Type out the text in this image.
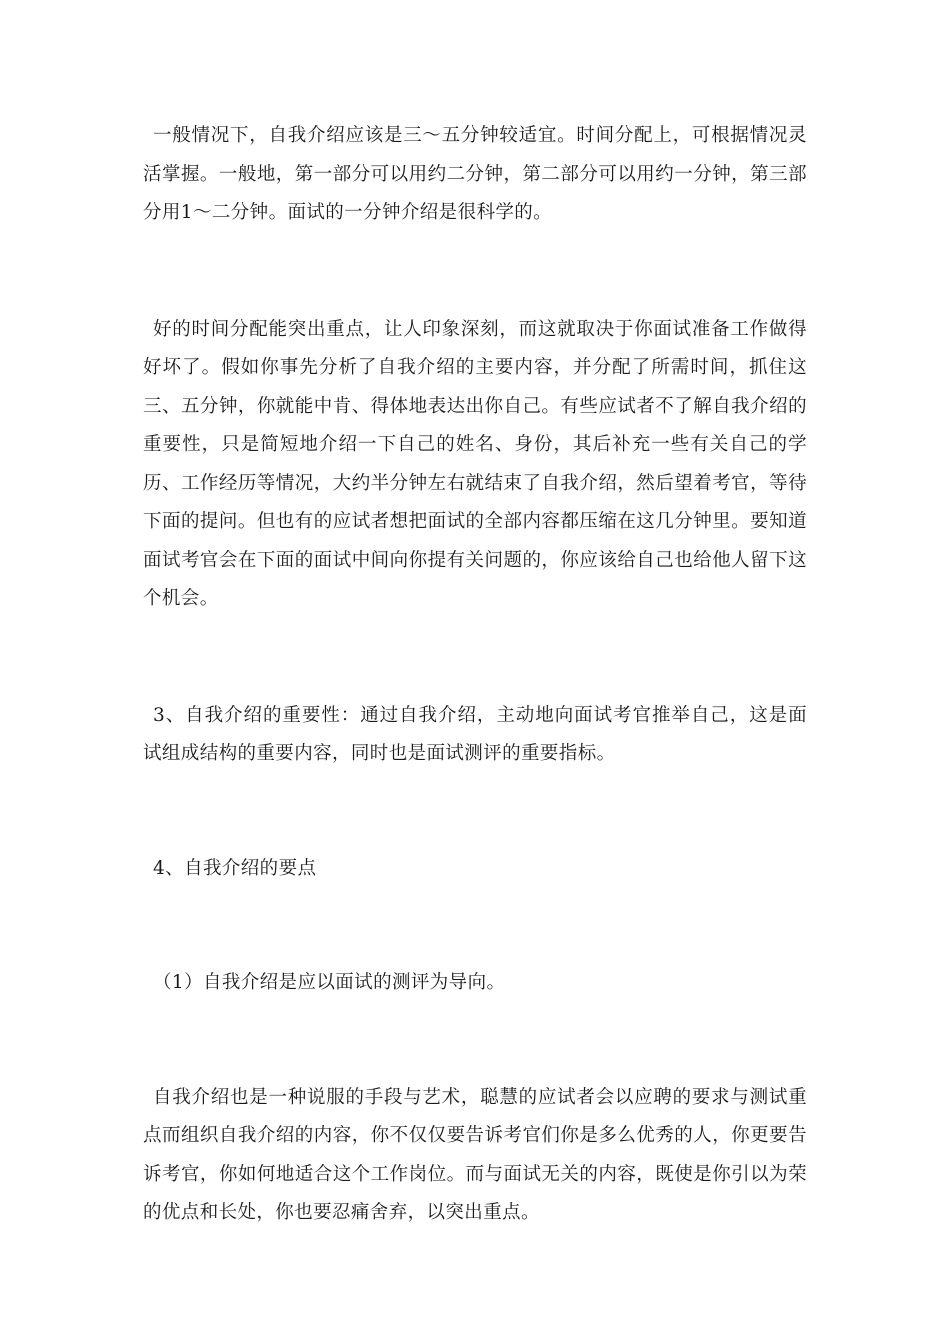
一般情况下，自我介绍应该是三～五分钟较适宜。时间分配上，可根据情况灵活掌握。一般地，第一部分可以用约二分钟，第二部分可以用约一分钟，第三部分用1～二分钟。面试的一分钟介绍是很科学的。

好的时间分配能突出重点，让人印象深刻，而这就取决于你面试准备工作做得好坏了。假如你事先分析了自我介绍的主要内容，并分配了所需时间，抓住这三、五分钟，你就能中肯、得体地表达出你自己。有些应试者不了解自我介绍的重要性，只是简短地介绍一下自己的姓名、身份，其后补充一些有关自己的学历、工作经历等情况，大约半分钟左右就结束了自我介绍，然后望着考官，等待下面的提问。但也有的应试者想把面试的全部内容都压缩在这几分钟里。要知道面试考官会在下面的面试中间向你提有关问题的，你应该给自己也给他人留下这个机会。

3、自我介绍的重要性：通过自我介绍，主动地向面试考官推举自己，这是面试组成结构的重要内容，同时也是面试测评的重要指标。

4、自我介绍的要点

（1）自我介绍是应以面试的测评为导向。

自我介绍也是一种说服的手段与艺术，聪慧的应试者会以应聘的要求与测试重点而组织自我介绍的内容，你不仅仅要告诉考官们你是多么优秀的人，你更要告诉考官，你如何地适合这个工作岗位。而与面试无关的内容，既使是你引以为荣的优点和长处，你也要忍痛舍弃，以突出重点。
